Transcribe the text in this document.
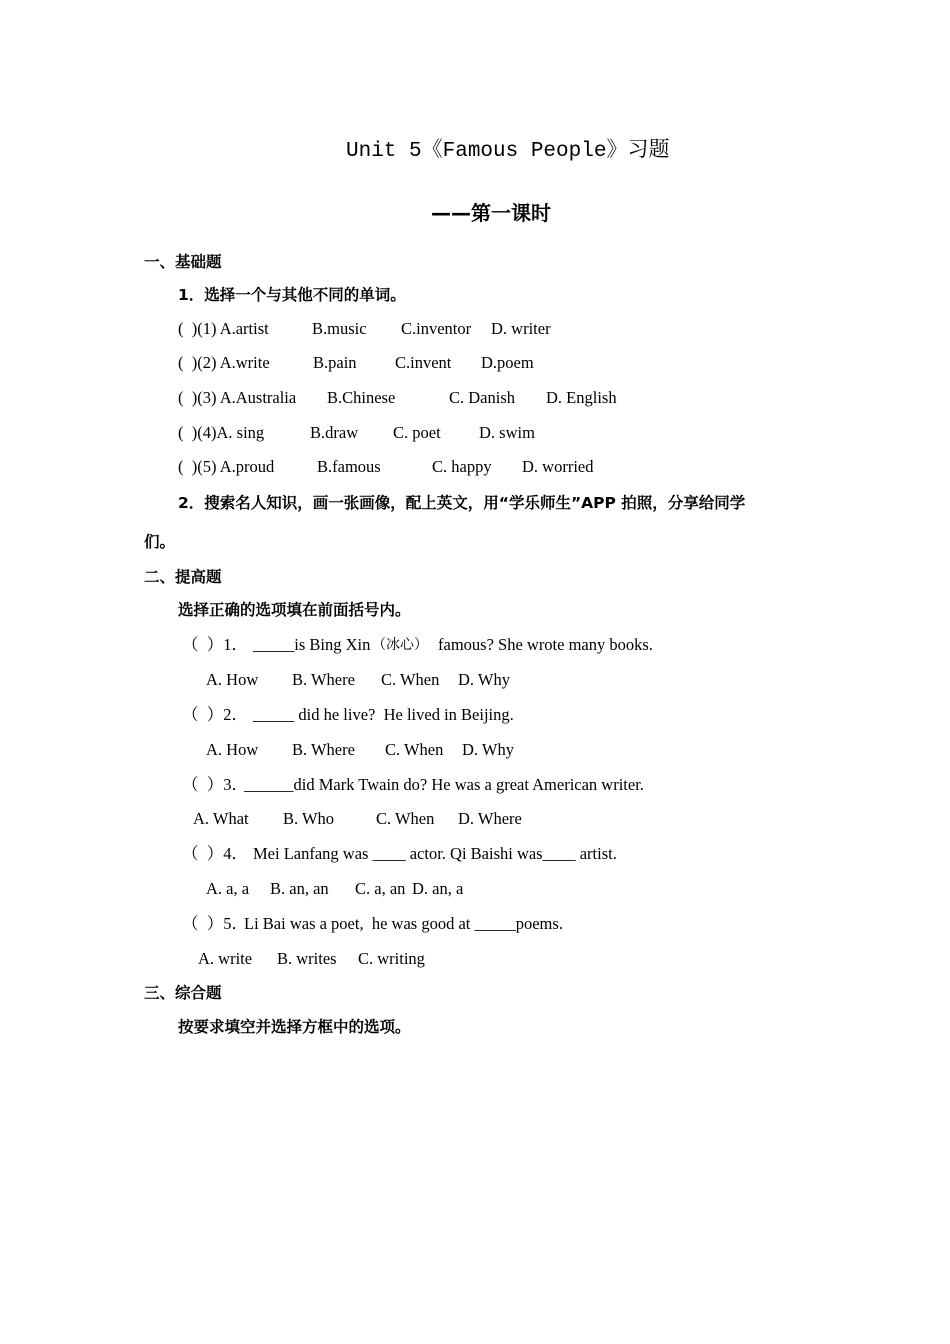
Unit 5《Famous People》习题
——第一课时
一、基础题
1．选择一个与其他不同的单词。
(  )(1) A.artist	B.music C.inventor D. writer
(  )(2) A.write	B.pain C.invent D.poem
(  )(3) A.Australia B.Chinese	C. Danish D. English
(  )(4)A. sing	B.draw C. poet D. swim
(  )(5) A.proud	B.famous	C. happy D. worried
2．搜索名人知识，画一张画像，配上英文，用“学乐师生”APP 拍照，分享给同学
们。
二、提高题
选择正确的选项填在前面括号内。
（  ）1． _____is Bing Xin （冰心） famous? She wrote many books.
A. How B. Where C. When D. Why
（  ）2． _____ did he live?  He lived in Beijing.
A. How B. Where C. When D. Why
（  ）3．
______did Mark Twain do? He was a great American writer.
A. What B. Who	C. When D. Where
（  ）4． Mei Lanfang was ____ actor. Qi Baishi was____ artist.
A. a, a B. an, an C. a, an D. an, a
（  ）5．
Li Bai was a poet,  he was good at _____poems.
A. write B. writes C. writing
三、综合题
按要求填空并选择方框中的选项。
